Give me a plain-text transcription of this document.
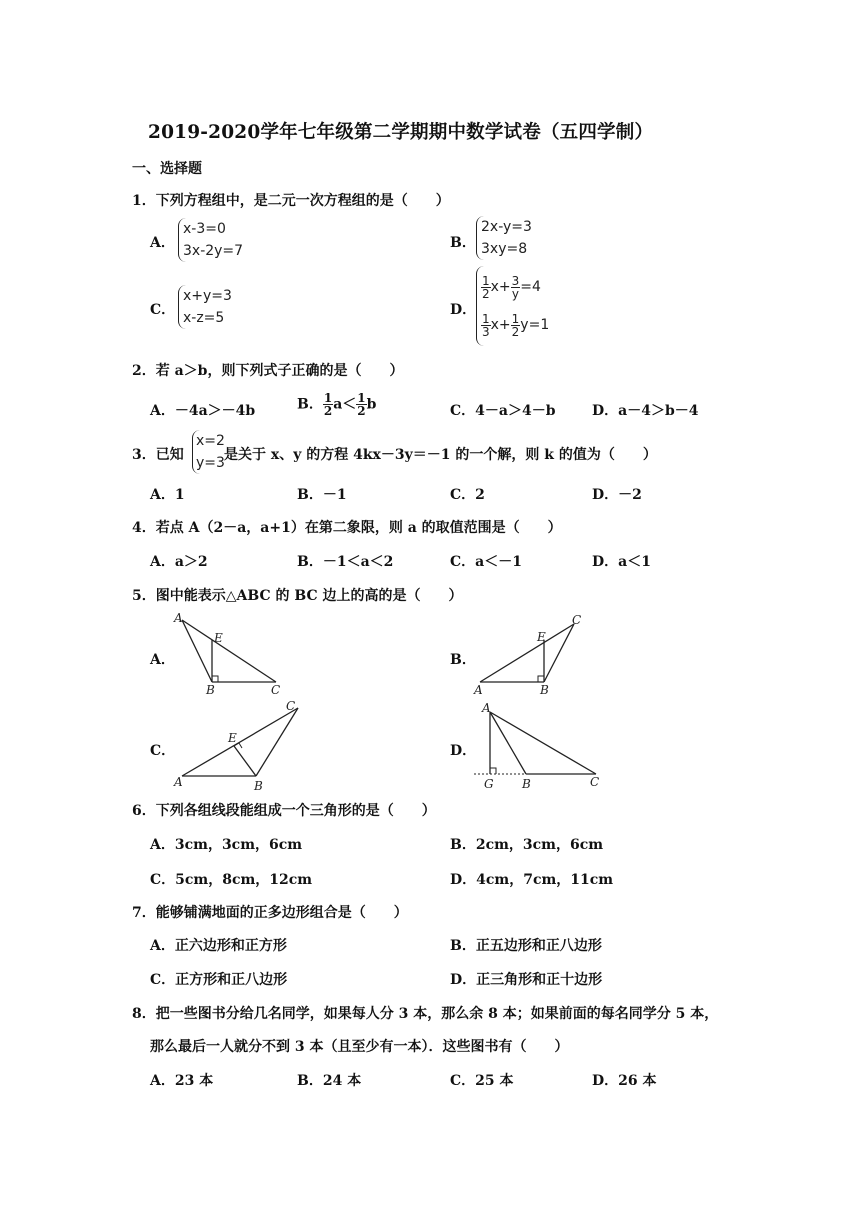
2019-2020学年七年级第二学期期中数学试卷（五四学制）
一、选择题
1．下列方程组中，是二元一次方程组的是（　　）
A．
x-3=0
3x-2y=7	B．
2x-y=3
3xy=8
C．
x+y=3
x-z=5	D．
$\frac{1}{2} x+ \frac{3}{y} =4$
$\frac{1}{3} x+ \frac{1}{2} y=1$
2．若 a＞b，则下列式子正确的是（　　）
A．－4a＞－4b	B． $\frac{1}{2} a< \frac{1}{2}$ b	C．4－a＞4－b	D．a－4＞b－4
3．已知
x=2
y=3 是关于 x、y 的方程 4kx－3y＝－1 的一个解，则 k 的值为（　　）
A．1	B．－1	C．2	D．－2
4．若点 A（2－a，a+1）在第二象限，则 a 的取值范围是（　　）
A．a＞2	B．－1＜a＜2	C．a＜－1	D．a＜1
5．图中能表示△ABC 的 BC 边上的高的是（　　）
A．
A
E
B	C
B．
A
E
B
C
C．
A
E
B
C
D．
A
G B	C
6．下列各组线段能组成一个三角形的是（　　）
A．3cm，3cm，6cm	B．2cm，3cm，6cm
C．5cm，8cm，12cm	D．4cm，7cm，11cm
7．能够铺满地面的正多边形组合是（　　）
A．正六边形和正方形	B．正五边形和正八边形
C．正方形和正八边形	D．正三角形和正十边形
8．把一些图书分给几名同学，如果每人分 3 本，那么余 8 本；如果前面的每名同学分 5 本，
那么最后一人就分不到 3 本（且至少有一本）．这些图书有（　　）
A．23 本	B．24 本	C．25 本	D．26 本
